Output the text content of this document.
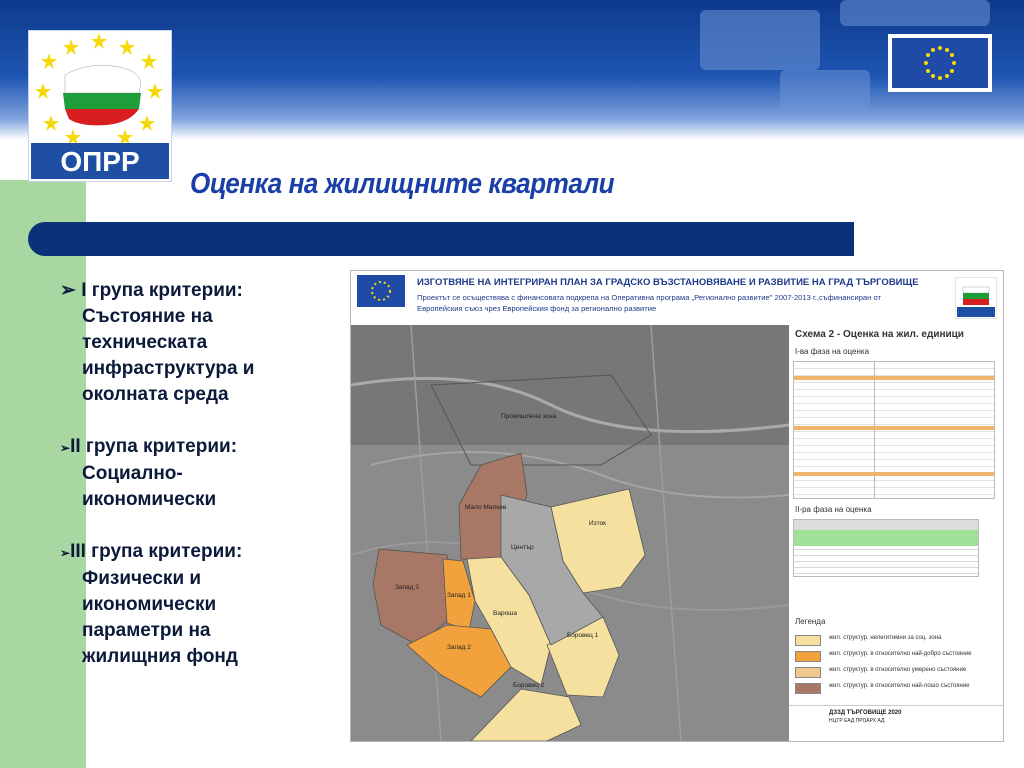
ОПРР
Оценка на жилищните квартали
➢ I група критерии:
Състояние на
техническата
инфраструктура и
околната среда
➢II група критерии:
Социално-
икономически
➢III група критерии:
Физически и
икономически
параметри на
жилищния фонд
ИЗГОТВЯНЕ НА ИНТЕГРИРАН ПЛАН ЗА ГРАДСКО ВЪЗСТАНОВЯВАНЕ И РАЗВИТИЕ НА ГРАД ТЪРГОВИЩЕ
Проектът се осъществява с финансовата подкрепа на Оперативна програма „Регионално развитие" 2007-2013 г.,съфинансиран от
Европейския съюз чрез Европейския фонд за регионално развитие
Промишлена зона
Мало Малкев
Изток
Център
Запад 3
Запад 1
Запад 2
Вароша
Боровец 1
Боровец 2
Схема 2 - Оценка на жил. единици
I-ва фаза на оценка
II-ра фаза на оценка
Легенда
жил. структур. нелегитимни за соц. зона
жил. структур. в относително най-добро състояние
жил. структур. в относително умерено състояние
жил. структур. в относително най-лошо състояние
ДЗЗД ТЪРГОВИЩЕ 2020
НЦТР ЕАД ПРОАРХ АД
